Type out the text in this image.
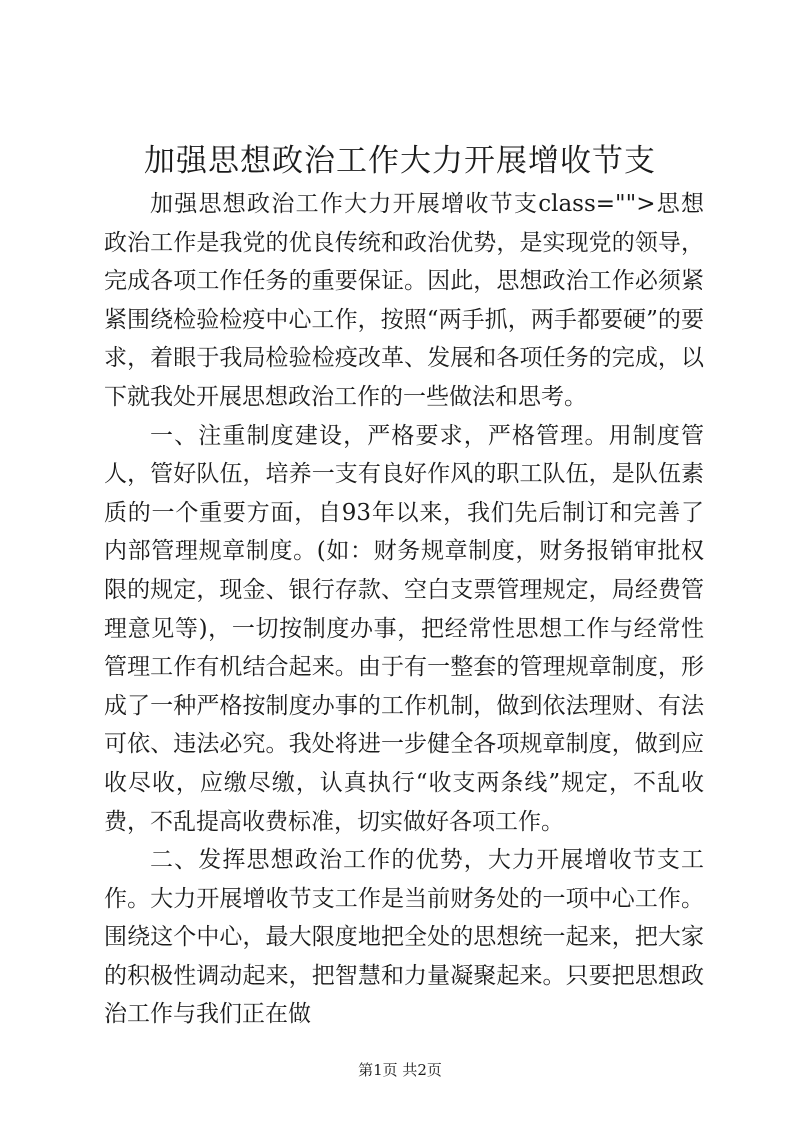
加强思想政治工作大力开展增收节支

加强思想政治工作大力开展增收节支class="">思想政治工作是我党的优良传统和政治优势，是实现党的领导，完成各项工作任务的重要保证。因此，思想政治工作必须紧紧围绕检验检疫中心工作，按照“两手抓，两手都要硬”的要求，着眼于我局检验检疫改革、发展和各项任务的完成，以下就我处开展思想政治工作的一些做法和思考。

一、注重制度建设，严格要求，严格管理。用制度管人，管好队伍，培养一支有良好作风的职工队伍，是队伍素质的一个重要方面，自93年以来，我们先后制订和完善了内部管理规章制度。(如：财务规章制度，财务报销审批权限的规定，现金、银行存款、空白支票管理规定，局经费管理意见等)，一切按制度办事，把经常性思想工作与经常性管理工作有机结合起来。由于有一整套的管理规章制度，形成了一种严格按制度办事的工作机制，做到依法理财、有法可依、违法必究。我处将进一步健全各项规章制度，做到应收尽收，应缴尽缴，认真执行“收支两条线”规定，不乱收费，不乱提高收费标准，切实做好各项工作。

二、发挥思想政治工作的优势，大力开展增收节支工作。大力开展增收节支工作是当前财务处的一项中心工作。围绕这个中心，最大限度地把全处的思想统一起来，把大家的积极性调动起来，把智慧和力量凝聚起来。只要把思想政治工作与我们正在做

第1页 共2页
